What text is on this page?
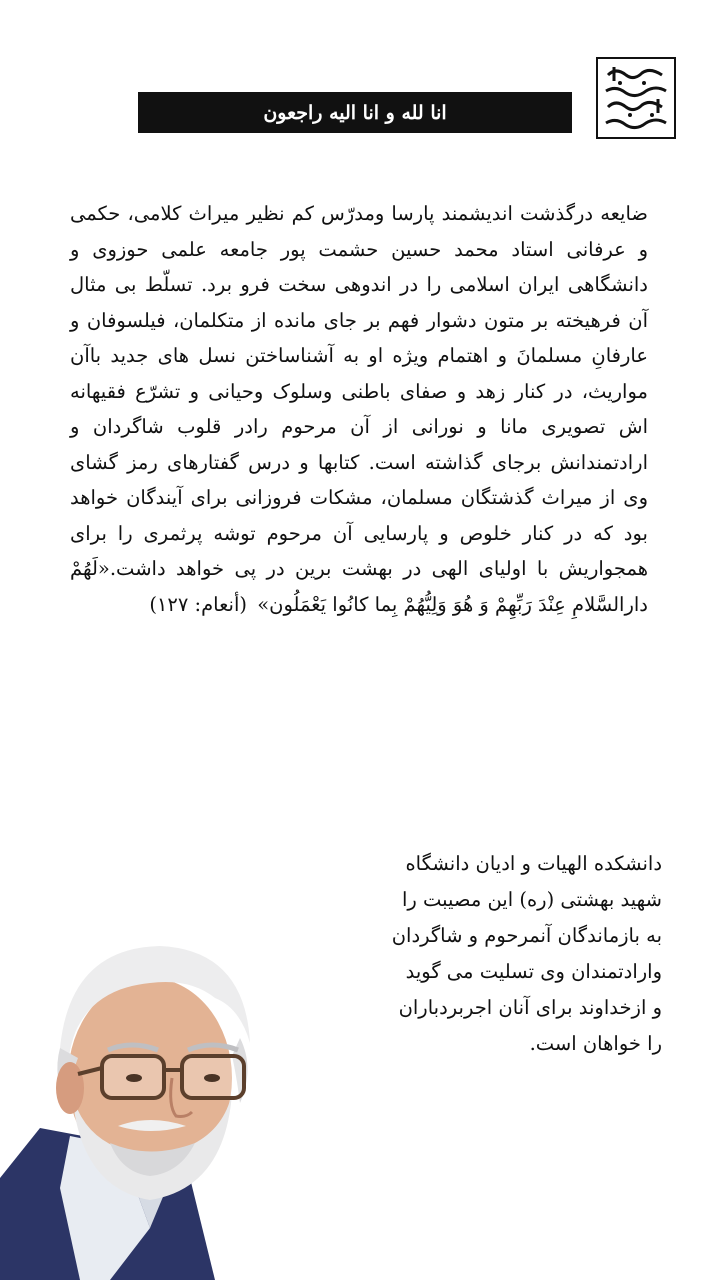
انا لله و انا الیه راجعون

ضایعه درگذشت اندیشمند پارسا ومدرّس کم نظیر میراث کلامی، حکمی و عرفانی استاد محمد حسین حشمت پور جامعه علمی حوزوی و دانشگاهی ایران اسلامی را در اندوهی سخت فرو برد. تسلّط بی مثال آن فرهیخته بر متون دشوار فهم بر جای مانده از متکلمان، فیلسوفان و عارفانِ مسلمانَ و اهتمام ویژه او به آشناساختن نسل های جدید باآن مواریث، در کنار زهد و صفای باطنی وسلوک وحیانی و تشرّع فقیهانه اش تصویری مانا و نورانی از آن مرحوم رادر قلوب شاگردان و ارادتمندانش برجای گذاشته است. کتابها و درس گفتارهای رمز گشای وی از میراث گذشتگان مسلمان، مشکات فروزانی برای آیندگان خواهد بود که در کنار خلوص و پارسایی آن مرحوم توشه پرثمری را برای همجواریش با اولیای الهی در بهشت برین در پی خواهد داشت.«لَهُمْ دارالسَّلامِ عِنْدَ رَبِّهِمْ وَ هُوَ وَلِیُّهُمْ بِما کانُوا یَعْمَلُون» (أنعام: ۱۲۷)

دانشکده الهیات و ادیان دانشگاه
شهید بهشتی (ره) این مصیبت را
به بازماندگان آنمرحوم و شاگردان
وارادتمندان وی تسلیت می گوید
و ازخداوند برای آنان اجربردباران
را خواهان است.
